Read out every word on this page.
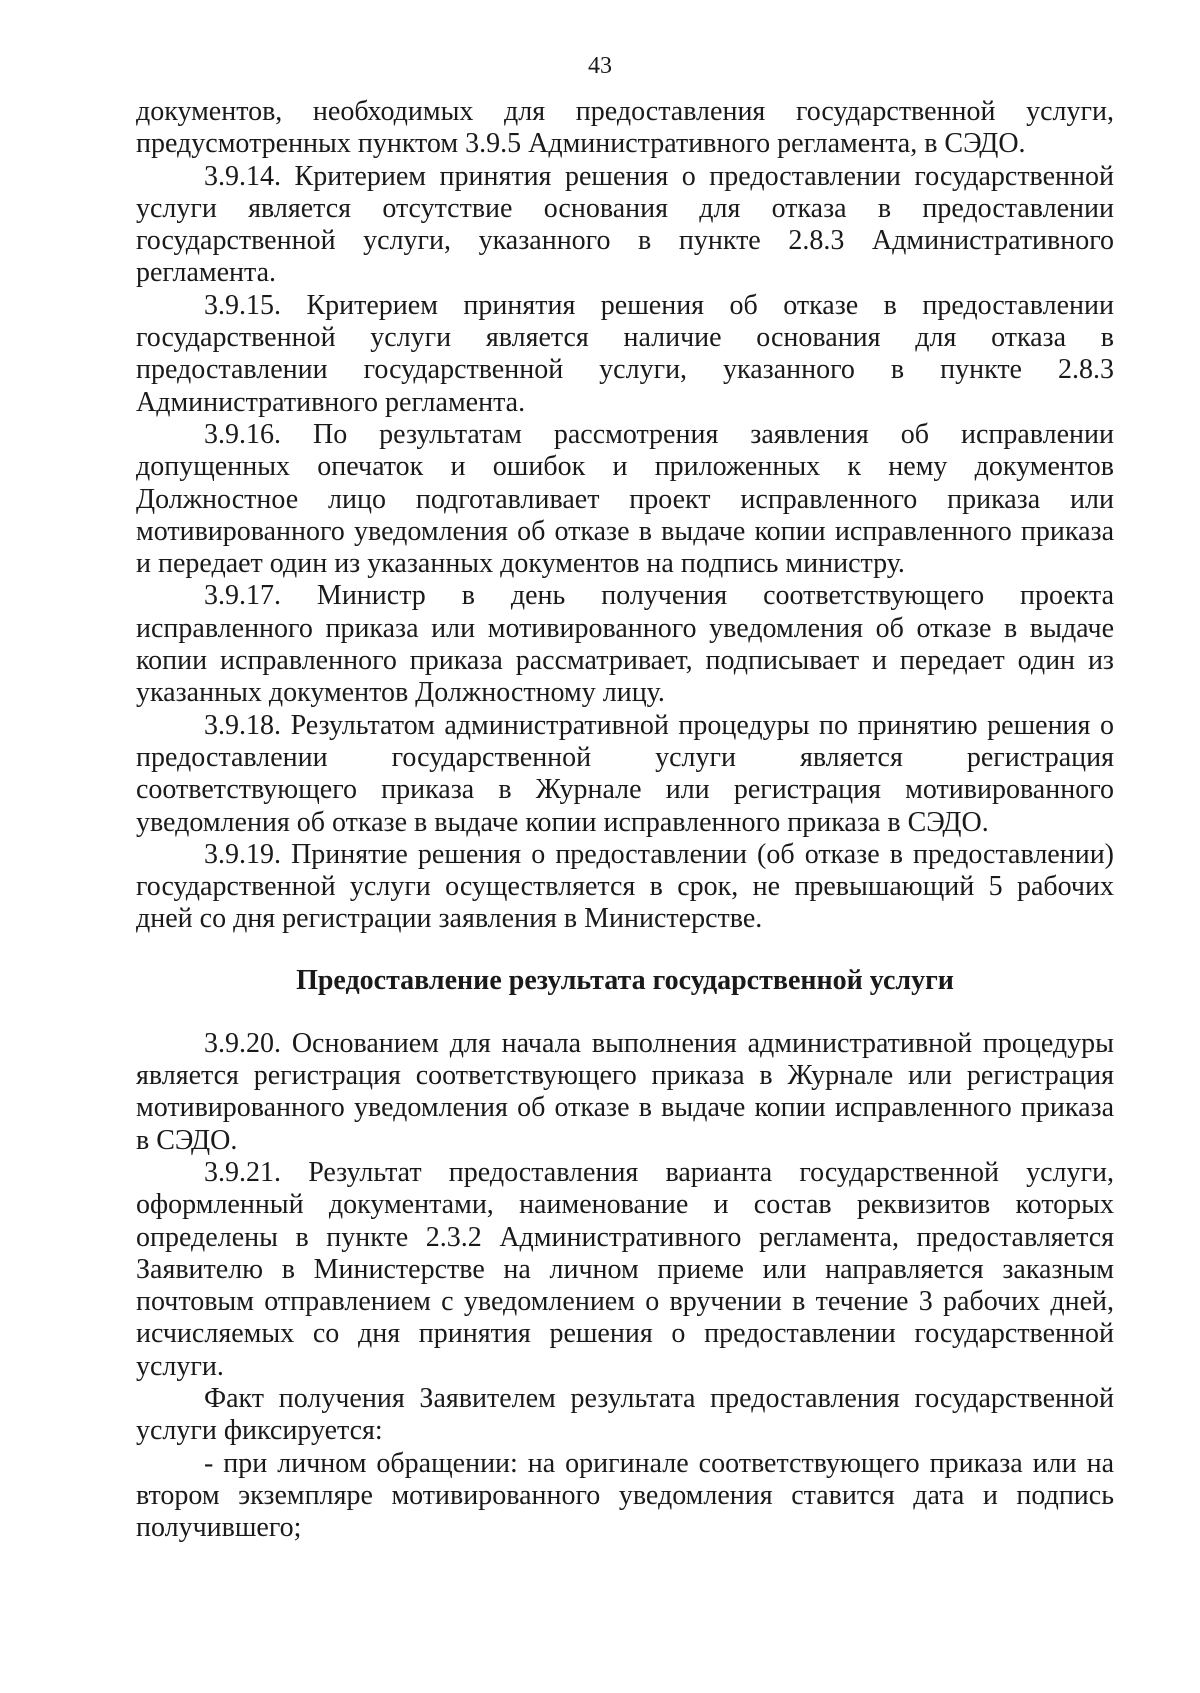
43

документов, необходимых для предоставления государственной услуги, предусмотренных пунктом 3.9.5 Административного регламента, в СЭДО.

3.9.14. Критерием принятия решения о предоставлении государственной услуги является отсутствие основания для отказа в предоставлении государственной услуги, указанного в пункте 2.8.3 Административного регламента.

3.9.15. Критерием принятия решения об отказе в предоставлении государственной услуги является наличие основания для отказа в предоставлении государственной услуги, указанного в пункте 2.8.3 Административного регламента.

3.9.16. По результатам рассмотрения заявления об исправлении допущенных опечаток и ошибок и приложенных к нему документов Должностное лицо подготавливает проект исправленного приказа или мотивированного уведомления об отказе в выдаче копии исправленного приказа и передает один из указанных документов на подпись министру.

3.9.17. Министр в день получения соответствующего проекта исправленного приказа или мотивированного уведомления об отказе в выдаче копии исправленного приказа рассматривает, подписывает и передает один из указанных документов Должностному лицу.

3.9.18. Результатом административной процедуры по принятию решения о предоставлении государственной услуги является регистрация соответствующего приказа в Журнале или регистрация мотивированного уведомления об отказе в выдаче копии исправленного приказа в СЭДО.

3.9.19. Принятие решения о предоставлении (об отказе в предоставлении) государственной услуги осуществляется в срок, не превышающий 5 рабочих дней со дня регистрации заявления в Министерстве.

Предоставление результата государственной услуги

3.9.20. Основанием для начала выполнения административной процедуры является регистрация соответствующего приказа в Журнале или регистрация мотивированного уведомления об отказе в выдаче копии исправленного приказа в СЭДО.

3.9.21. Результат предоставления варианта государственной услуги, оформленный документами, наименование и состав реквизитов которых определены в пункте 2.3.2 Административного регламента, предоставляется Заявителю в Министерстве на личном приеме или направляется заказным почтовым отправлением с уведомлением о вручении в течение 3 рабочих дней, исчисляемых со дня принятия решения о предоставлении государственной услуги.

Факт получения Заявителем результата предоставления государственной услуги фиксируется:

- при личном обращении: на оригинале соответствующего приказа или на втором экземпляре мотивированного уведомления ставится дата и подпись получившего;
